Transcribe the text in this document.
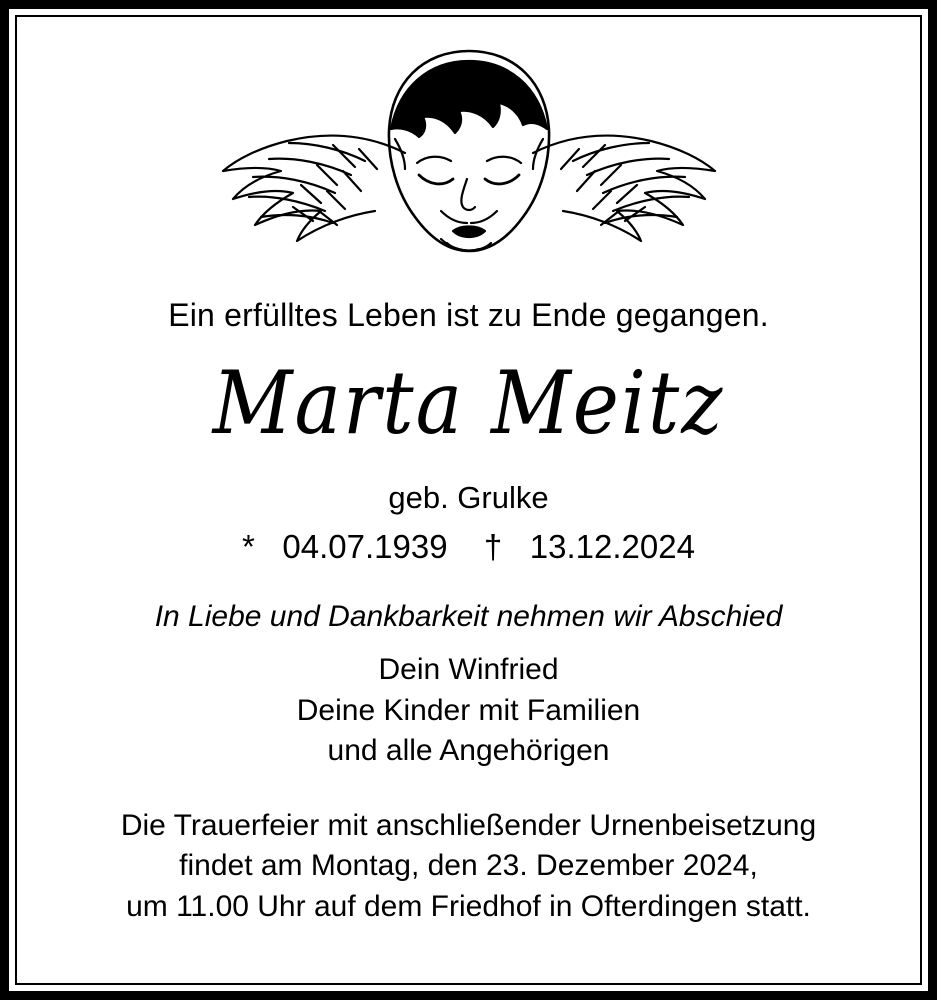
Ein erfülltes Leben ist zu Ende gegangen.
Marta Meitz
geb. Grulke
* 04.07.1939 † 13.12.2024
In Liebe und Dankbarkeit nehmen wir Abschied
Dein Winfried
Deine Kinder mit Familien
und alle Angehörigen
Die Trauerfeier mit anschließender Urnenbeisetzung
findet am Montag, den 23. Dezember 2024,
um 11.00 Uhr auf dem Friedhof in Ofterdingen statt.
